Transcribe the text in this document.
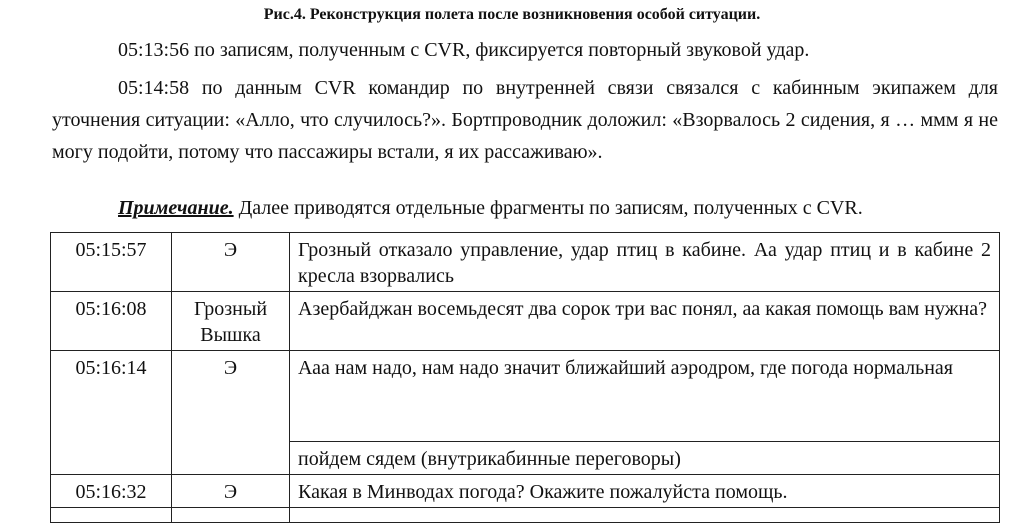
Рис.4. Реконструкция полета после возникновения особой ситуации.
05:13:56 по записям, полученным с CVR, фиксируется повторный звуковой удар.
05:14:58 по данным CVR командир по внутренней связи связался с кабинным экипажем для уточнения ситуации: «Алло, что случилось?». Бортпроводник доложил: «Взорвалось 2 сидения, я … ммм я не могу подойти, потому что пассажиры встали, я их рассаживаю».
Примечание. Далее приводятся отдельные фрагменты по записям, полученных с CVR.
05:15:57	Э	Грозный отказало управление, удар птиц в кабине. Аа удар птиц и в кабине 2 кресла взорвались
05:16:08	Грозный Вышка	Азербайджан восемьдесят два сорок три вас понял, аа какая помощь вам нужна?
05:16:14	Э	Ааа нам надо, нам надо значит ближайший аэродром, где погода нормальная
		пойдем сядем (внутрикабинные переговоры)
05:16:32	Э	Какая в Минводах погода? Окажите пожалуйста помощь.
